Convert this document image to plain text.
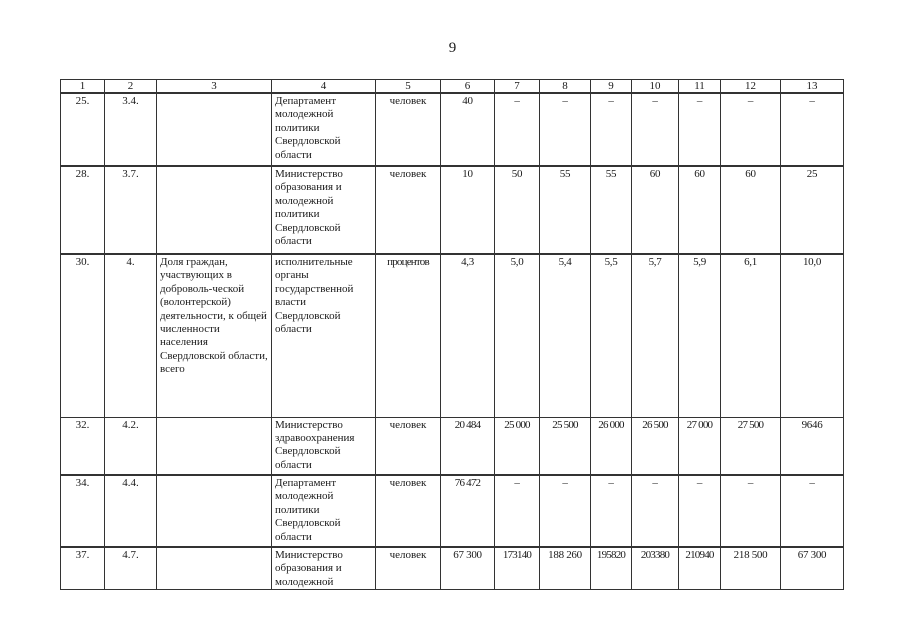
9
1	2	3	4	5	6	7	8	9	10	11	12	13
25.	3.4.		Департамент молодежной политики Свердловской области	человек	40	–	–	–	–	–	–	–
28.	3.7.		Министерство образования и молодежной политики Свердловской области	человек	10	50	55	55	60	60	60	25
30.	4.	Доля граждан, участвующих в доброволь-ческой (волонтерской) деятельности, к общей численности населения Свердловской области, всего	исполнительные органы государственной власти Свердловской области	процентов	4,3	5,0	5,4	5,5	5,7	5,9	6,1	10,0
32.	4.2.		Министерство здравоохранения Свердловской области	человек	20 484	25 000	25 500	26 000	26 500	27 000	27 500	9646
34.	4.4.		Департамент молодежной политики Свердловской области	человек	76 472	–	–	–	–	–	–	–
37.	4.7.		Министерство образования и молодежной	человек	67 300	173140	188 260	195820	203380	210940	218 500	67 300
